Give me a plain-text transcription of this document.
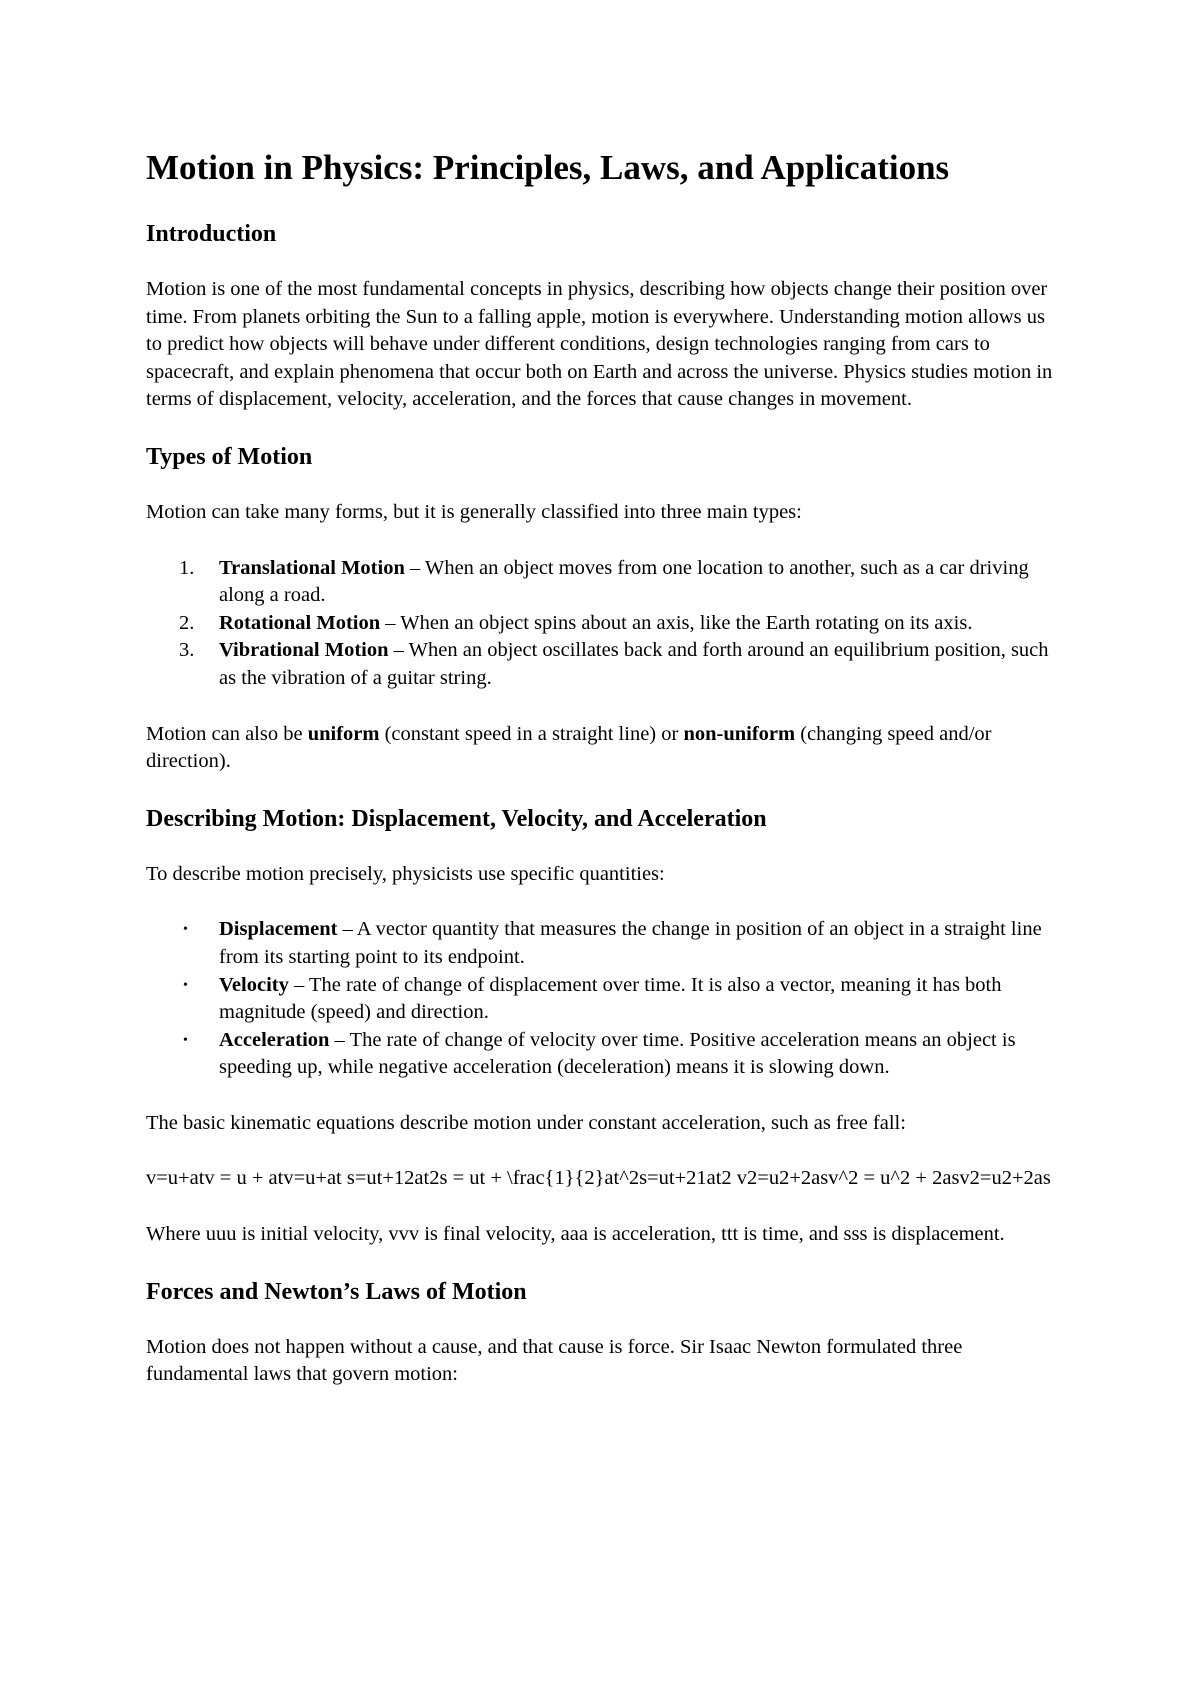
Motion in Physics: Principles, Laws, and Applications
Introduction

Motion is one of the most fundamental concepts in physics, describing how objects change their position over time. From planets orbiting the Sun to a falling apple, motion is everywhere. Understanding motion allows us to predict how objects will behave under different conditions, design technologies ranging from cars to spacecraft, and explain phenomena that occur both on Earth and across the universe. Physics studies motion in terms of displacement, velocity, acceleration, and the forces that cause changes in movement.

Types of Motion

Motion can take many forms, but it is generally classified into three main types:

1. Translational Motion – When an object moves from one location to another, such as a car driving along a road.
2. Rotational Motion – When an object spins about an axis, like the Earth rotating on its axis.
3. Vibrational Motion – When an object oscillates back and forth around an equilibrium position, such as the vibration of a guitar string.

Motion can also be uniform (constant speed in a straight line) or non-uniform (changing speed and/or direction).

Describing Motion: Displacement, Velocity, and Acceleration

To describe motion precisely, physicists use specific quantities:

• Displacement – A vector quantity that measures the change in position of an object in a straight line from its starting point to its endpoint.
• Velocity – The rate of change of displacement over time. It is also a vector, meaning it has both magnitude (speed) and direction.
• Acceleration – The rate of change of velocity over time. Positive acceleration means an object is speeding up, while negative acceleration (deceleration) means it is slowing down.

The basic kinematic equations describe motion under constant acceleration, such as free fall:

v=u+atv = u + atv=u+at s=ut+12at2s = ut + \frac{1}{2}at^2s=ut+21at2 v2=u2+2asv^2 = u^2 + 2asv2=u2+2as

Where uuu is initial velocity, vvv is final velocity, aaa is acceleration, ttt is time, and sss is displacement.

Forces and Newton’s Laws of Motion

Motion does not happen without a cause, and that cause is force. Sir Isaac Newton formulated three fundamental laws that govern motion:
